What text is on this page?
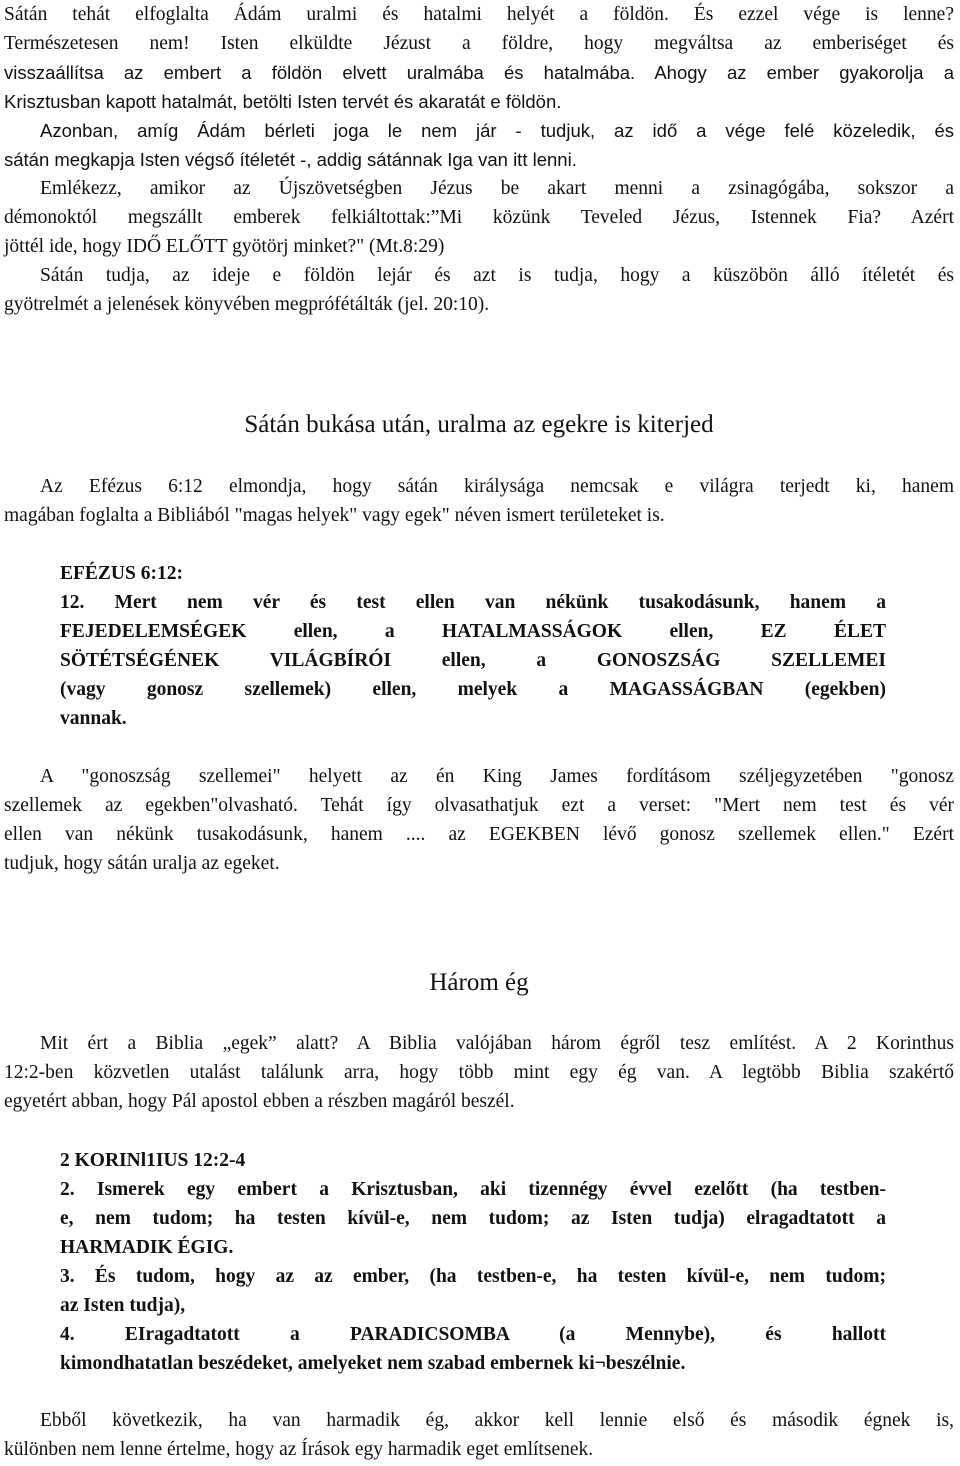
Sátán tehát elfoglalta Ádám uralmi és hatalmi helyét a földön. És ezzel vége is lenne?
Természetesen nem! Isten elküldte Jézust a földre, hogy megváltsa az emberiséget és
visszaállítsa az embert a földön elvett uralmába és hatalmába. Ahogy az ember gyakorolja a
Krisztusban kapott hatalmát, betölti Isten tervét és akaratát e földön.
Azonban, amíg Ádám bérleti joga le nem jár - tudjuk, az idő a vége felé közeledik, és
sátán megkapja Isten végső ítéletét -, addig sátánnak Iga van itt lenni.
Emlékezz, amikor az Újszövetségben Jézus be akart menni a zsinagógába, sokszor a
démonoktól megszállt emberek felkiáltottak:”Mi közünk Teveled Jézus, Istennek Fia? Azért
jöttél ide, hogy IDŐ ELŐTT gyötörj minket?" (Mt.8:29)
Sátán tudja, az ideje e földön lejár és azt is tudja, hogy a küszöbön álló ítéletét és
gyötrelmét a jelenések könyvében megprófétálták (jel. 20:10).
Sátán bukása után, uralma az egekre is kiterjed
Az Efézus 6:12 elmondja, hogy sátán királysága nemcsak e világra terjedt ki, hanem
magában foglalta a Bibliából "magas helyek" vagy egek" néven ismert területeket is.
EFÉZUS 6:12:
12. Mert nem vér és test ellen van nékünk tusakodásunk, hanem a
FEJEDELEMSÉGEK ellen, a HATALMASSÁGOK ellen, EZ ÉLET
SÖTÉTSÉGÉNEK VILÁGBÍRÓI ellen, a GONOSZSÁG SZELLEMEI
(vagy gonosz szellemek) ellen, melyek a MAGASSÁGBAN (egekben)
vannak.
A "gonoszság szellemei" helyett az én King James fordításom széljegyzetében "gonosz
szellemek az egekben"olvasható. Tehát így olvasathatjuk ezt a verset: "Mert nem test és vér
ellen van nékünk tusakodásunk, hanem .... az EGEKBEN lévő gonosz szellemek ellen." Ezért
tudjuk, hogy sátán uralja az egeket.
Három ég
Mit ért a Biblia „egek” alatt? A Biblia valójában három égről tesz említést. A 2 Korinthus
12:2-ben közvetlen utalást találunk arra, hogy több mint egy ég van. A legtöbb Biblia szakértő
egyetért abban, hogy Pál apostol ebben a részben magáról beszél.
2 KORINl1IUS 12:2-4
2. Ismerek egy embert a Krisztusban, aki tizennégy évvel ezelőtt (ha testben-
e, nem tudom; ha testen kívül-e, nem tudom; az Isten tudja) elragadtatott a
HARMADIK ÉGIG.
3. És tudom, hogy az az ember, (ha testben-e, ha testen kívül-e, nem tudom;
az Isten tudja),
4. EIragadtatott a PARADICSOMBA (a Mennybe), és hallott
kimondhatatlan beszédeket, amelyeket nem szabad embernek ki¬beszélnie.
Ebből következik, ha van harmadik ég, akkor kell lennie első és második égnek is,
különben nem lenne értelme, hogy az Írások egy harmadik eget említsenek.
